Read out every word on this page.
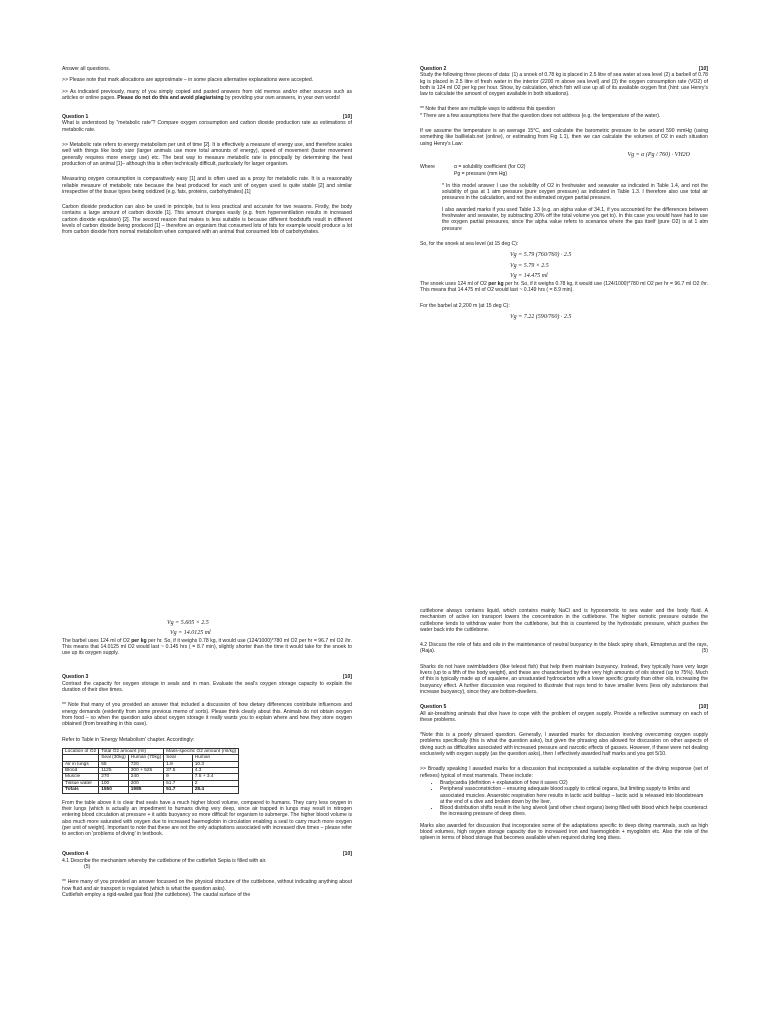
Answer all questions.

>> Please note that mark allocations are approximate – in some places alternative explanations were accepted.

>> As indicated previously, many of you simply copied and pasted answers from old memos and/or other sources such as articles or online pages. Please do not do this and avoid plagiarising by providing your own answers, in your own words!

Question 1	[10]

What is understood by "metabolic rate"? Compare oxygen consumption and carbon dioxide production rate as estimations of metabolic rate.

>> Metabolic rate refers to energy metabolism per unit of time [2]. It is effectively a measure of energy use, and therefore scales well with things like body size (larger animals use more total amounts of energy), speed of movement (faster movement generally requires more energy use) etc. The best way to measure metabolic rate is principally by determining the heat production of an animal [1]– although this is often technically difficult, particularly for larger organism.

Measuring oxygen consumption is comparatively easy [1] and is often used as a proxy for metabolic rate. It is a reasonably reliable measure of metabolic rate because the heat produced for each unit of oxygen used is quite stable [2] and similar irrespective of the tissue types being oxidized (e.g. fats, proteins, carbohydrates).[1]

Carbon dioxide production can also be used in principle, but is less practical and accurate for two reasons. Firstly, the body contains a large amount of carbon dioxide [1]. This amount changes easily (e.g. from hyperventilation results in increased carbon dioxide expulsion) [2]. The second reason that makes is less suitable is because different foodstuffs result in different levels of carbon dioxide being produced [1] – therefore an organism that consumed lots of fats for example would produce a lot from carbon dioxide from normal metabolism when compared with an animal that consumed lots of carbohydrates.

Question 2	[10]

Study the following three pieces of data: (1) a snoek of 0.78 kg is placed in 2.5 litre of sea water at sea level (2) a barbell of 0.78 kg is placed in 2.5 litre of fresh water in the interior (2200 m above sea level) and (3) the oxygen consumption rate (VO2) of both is 124 ml O2 per kg per hour. Show, by calculation, which fish will use up all of its available oxygen first (hint: use Henry's law to calculate the amount of oxygen available in both situations).

** Note that there are multiple ways to address this question
* There are a few assumptions here that the question does not address (e.g. the temperature of the water).

If we assume the temperature is an average 15°C, and calculate the barometric pressure to be around 590 mmHg (using something like baillielab.net (online), or estimating from Fig 1.1), then we can calculate the volumes of O2 in each situation using Henry's Law:

Vg = α (Pg / 760) · VH2O
Where	α = solubility coefficient (for O2)
Pg = pressure (mm Hg)

* In this model answer I use the solubility of O2 in freshwater and seawater as indicated in Table 1.4, and not the solubility of gas at 1 atm pressure (pure oxygen pressure) as indicated in Table 1.3. I therefore also use total air pressures in the calculation, and not the estimated oxygen partial pressure.

I also awarded marks if you used Table 1.3 (e.g. an alpha value of 34.1, if you accounted for the differences between freshwater and seawater, by subtracting 20% off the total volume you get to). In this case you would have had to use the oxygen partial pressures, since the alpha value refers to scenarios where the gas itself (pure O2) is at 1 atm pressure

So, for the snoek at sea level (at 15 deg C):

Vg = 5.79 (760/760) · 2.5
Vg = 5.79 × 2.5
Vg = 14.475 ml

The snoek uses 124 ml of O2 per kg per hr. So, if it weighs 0.78 kg, it would use (124/1000)*780 ml O2 per hr = 96.7 ml O2 /hr. This means that 14.475 ml of O2 would last ~ 0.149 hrs ( = 8.9 min).

For the barbel at 2,200 m (at 15 deg C):

Vg = 7.22 (590/760) · 2.5
Vg = 5.605 × 2.5
Vg = 14.0125 ml

The barbel uses 124 ml of O2 per kg per hr. So, if it weighs 0.78 kg, it would use (124/1000)*780 ml O2 per hr = 96.7 ml O2 /hr. This means that 14.0125 ml O2 would last ~ 0.145 hrs ( = 8.7 min), slightly shorter than the time it would take for the snoek to use up its oxygen supply.

Question 3	[10]

Contrast the capacity for oxygen storage in seals and in man. Evaluate the seal's oxygen storage capacity to explain the duration of their dive times.

** Note that many of you provided an answer that included a discussion of how dietary differences contribute influences and energy demands (evidently from some previous memo of sorts). Please think clearly about this. Animals do not obtain oxygen from food – so when the question asks about oxygen storage it really wants you to explain where and how they store oxygen obtained (from breathing in this case).

Refer to Table in 'Energy Metabolism' chapter. Accordingly:

Location of O2	Total O2 amount (ml)		Mass-specific O2 amount (ml/kg)	
	Seal (30kg)	Human (70kg)	Seal	Human
Air in lungs	55	720	1.8	10.3
Blood	1125	300 + 525	37.5	4.3
Muscle	270	240	9	7.5 + 3.4
Tissue water	100	200	51.7	2
Totals	1550	1985	51.7	28.4

From the table above it is clear that seals have a much higher blood volume, compared to humans. They carry less oxygen in their lungs (which is actually an impediment to humans diving very deep, since air trapped in lungs may result in nitrogen entering blood circulation at pressure + it adds buoyancy so more difficult for organism to submerge. The higher blood volume is also much more saturated with oxygen due to increased haemoglobin in circulation enabling a seal to carry much more oxygen (per unit of weight). Important to note that these are not the only adaptations associated with increased dive times – please refer to section on 'problems of diving' in textbook.

Question 4	[10]

4.1 Describe the mechanism whereby the cuttlebone of the cuttlefish Sepia is filled with air.
(5)

** Here many of you provided an answer focussed on the physical structure of the cuttlebone, without indicating anything about how fluid and air transport is regulated (which is what the question asks).

Cuttlefish employ a rigid-walled gas float (the cuttlebone). The caudal surface of the

cuttlebone always contains liquid, which contains mainly NaCl and is hypoosmotic to sea water and the body fluid. A mechanism of active ion transport lowers the concentration in the cuttlebone. The higher osmotic pressure outside the cuttlebone tends to withdraw water from the cuttlebone, but this is countered by the hydrostatic pressure, which pushes the water back into the cuttlebone.

4.2 Discuss the role of fats and oils in the maintenance of neutral buoyancy in the black spiny shark, Etmopterus and the rays, (Raja).	(5)

Sharks do not have swimbladders (like teleost fish) that help them maintain buoyancy. Instead, they typically have very large livers (up to a fifth of the body weight), and these are characterised by their very high amounts of oils stored (up to 75%). Much of this is typically made up of squalene, an unsaturated hydrocarbon with a lower specific gravity than other oils, increasing the buoyancy effect. A further discussion was required to illustrate that rays tend to have smaller livers (less oily substances that increase buoyancy), since they are bottom-dwellers.

Question 5	[10]

All air-breathing animals that dive have to cope with the problem of oxygen supply. Provide a reflective summary on each of these problems.

*Note this is a poorly phrased question. Generally, I awarded marks for discussion involving overcoming oxygen supply problems specifically (this is what the question asks), but given the phrasing also allowed for discussion on other aspects of diving such as difficulties associated with increased pressure and narcotic effects of gasses. However, if these were not dealing exclusively with oxygen supply (as the question asks), then I effectively awarded half marks and you got 5/10.

>> Broadly speaking I awarded marks for a discussion that incorporated a suitable explanation of the diving response (set of reflexes) typical of most mammals. These include:

• Bradycardia (definition + explanation of how it saves O2)
• Peripheral vasoconstriction – ensuring adequate blood supply to critical organs, but limiting supply to limbs and associated muscles. Anaerobic respiration here results in lactic acid buildup – lactic acid is released into bloodstream at the end of a dive and broken down by the liver,
• Blood distribution shifts result in the lung alveoli (and other chest organs) being filled with blood which helps counteract the increasing pressure of deep dives.

Marks also awarded for discussion that incorporates some of the adaptations specific to deep diving mammals, such as high blood volumes, high oxygen storage capacity due to increased iron and haemoglobin + myoglobin etc. Also the role of the spleen in terms of blood storage that becomes available when required during long dives.
